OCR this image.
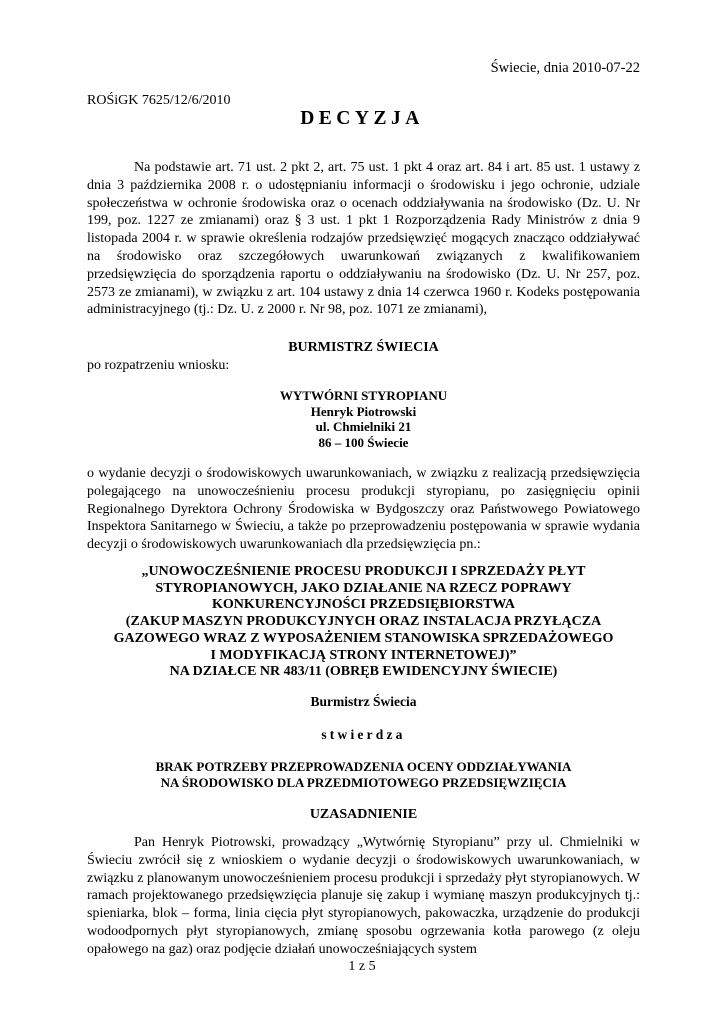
Świecie, dnia 2010-07-22
ROŚiGK 7625/12/6/2010
DECYZJA
Na podstawie art. 71 ust. 2 pkt 2, art. 75 ust. 1 pkt 4 oraz art. 84 i art. 85 ust. 1 ustawy z dnia 3 października 2008 r. o udostępnianiu informacji o środowisku i jego ochronie, udziale społeczeństwa w ochronie środowiska oraz o ocenach oddziaływania na środowisko (Dz. U. Nr 199, poz. 1227 ze zmianami) oraz § 3 ust. 1 pkt 1 Rozporządzenia Rady Ministrów z dnia 9 listopada 2004 r. w sprawie określenia rodzajów przedsięwzięć mogących znacząco oddziaływać na środowisko oraz szczegółowych uwarunkowań związanych z kwalifikowaniem przedsięwzięcia do sporządzenia raportu o oddziaływaniu na środowisko (Dz. U. Nr 257, poz. 2573 ze zmianami), w związku z art. 104 ustawy z dnia 14 czerwca 1960 r. Kodeks postępowania administracyjnego (tj.: Dz. U. z 2000 r. Nr 98, poz. 1071 ze zmianami),
BURMISTRZ ŚWIECIA
po rozpatrzeniu wniosku:
WYTWÓRNI STYROPIANU
Henryk Piotrowski
ul. Chmielniki 21
86 – 100 Świecie
o wydanie decyzji o środowiskowych uwarunkowaniach, w związku z realizacją przedsięwzięcia polegającego na unowocześnieniu procesu produkcji styropianu, po zasięgnięciu opinii Regionalnego Dyrektora Ochrony Środowiska w Bydgoszczy oraz Państwowego Powiatowego Inspektora Sanitarnego w Świeciu, a także po przeprowadzeniu postępowania w sprawie wydania decyzji o środowiskowych uwarunkowaniach dla przedsięwzięcia pn.:
„UNOWOCZEŚNIENIE PROCESU PRODUKCJI I SPRZEDAŻY PŁYT
STYROPIANOWYCH, JAKO DZIAŁANIE NA RZECZ POPRAWY
KONKURENCYJNOŚCI PRZEDSIĘBIORSTWA
(ZAKUP MASZYN PRODUKCYJNYCH ORAZ INSTALACJA PRZYŁĄCZA
GAZOWEGO WRAZ Z WYPOSAŻENIEM STANOWISKA SPRZEDAŻOWEGO
I MODYFIKACJĄ STRONY INTERNETOWEJ)”
NA DZIAŁCE NR 483/11 (OBRĘB EWIDENCYJNY ŚWIECIE)
Burmistrz Świecia
stwierdza
BRAK POTRZEBY PRZEPROWADZENIA OCENY ODDZIAŁYWANIA
NA ŚRODOWISKO DLA PRZEDMIOTOWEGO PRZEDSIĘWZIĘCIA
UZASADNIENIE
Pan Henryk Piotrowski, prowadzący „Wytwórnię Styropianu” przy ul. Chmielniki w Świeciu zwrócił się z wnioskiem o wydanie decyzji o środowiskowych uwarunkowaniach, w związku z planowanym unowocześnieniem procesu produkcji i sprzedaży płyt styropianowych. W ramach projektowanego przedsięwzięcia planuje się zakup i wymianę maszyn produkcyjnych tj.: spieniarka, blok – forma, linia cięcia płyt styropianowych, pakowaczka, urządzenie do produkcji wodoodpornych płyt styropianowych, zmianę sposobu ogrzewania kotła parowego (z oleju opałowego na gaz) oraz podjęcie działań unowocześniających system
1 z 5
